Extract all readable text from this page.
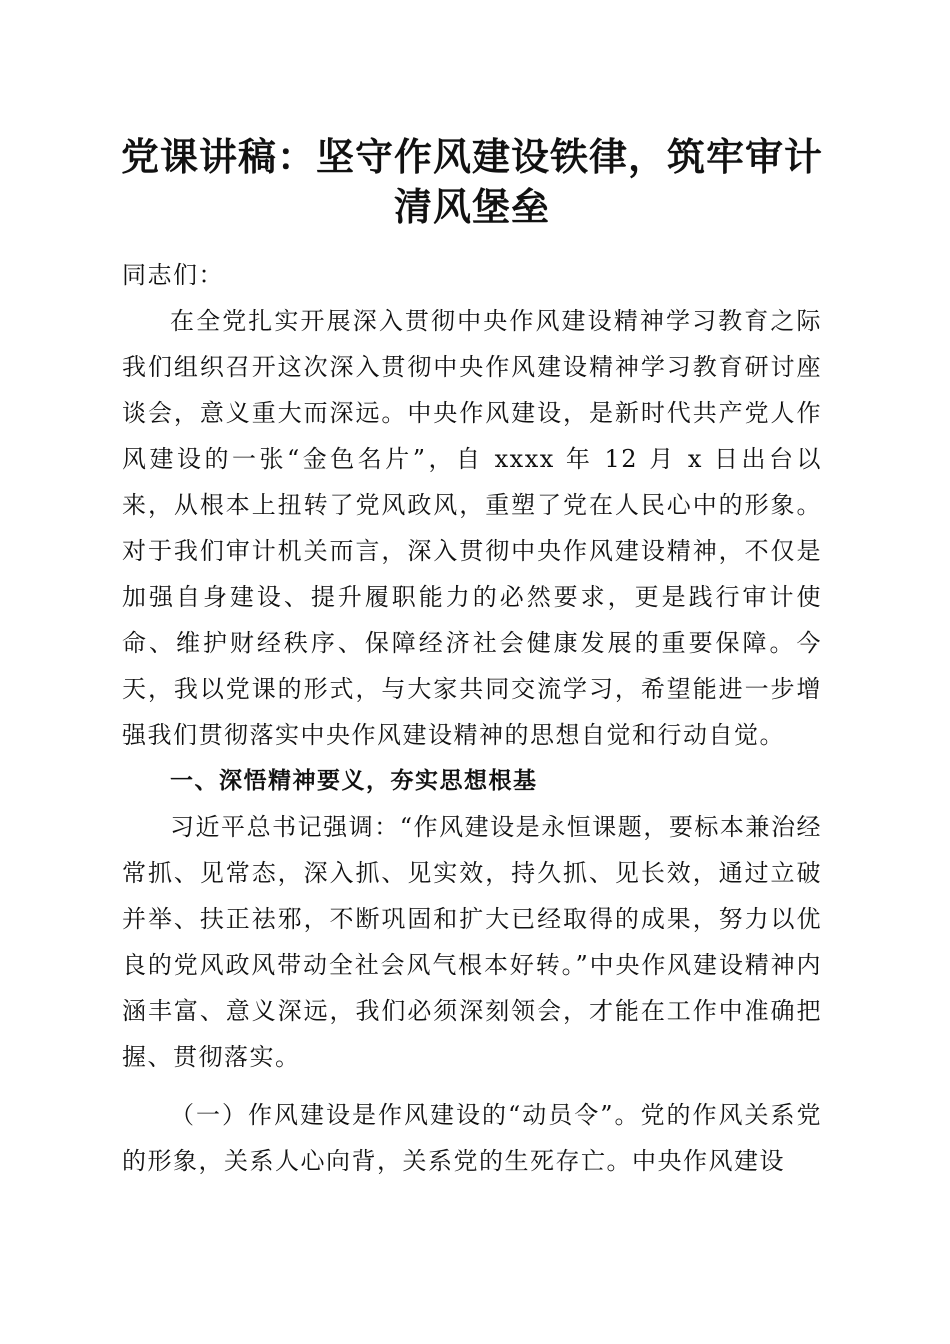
党课讲稿：坚守作风建设铁律，筑牢审计清风堡垒

同志们：

在全党扎实开展深入贯彻中央作风建设精神学习教育之际我们组织召开这次深入贯彻中央作风建设精神学习教育研讨座谈会，意义重大而深远。中央作风建设，是新时代共产党人作风建设的一张“金色名片”，自 xxxx 年 12 月 x 日出台以来，从根本上扭转了党风政风，重塑了党在人民心中的形象。对于我们审计机关而言，深入贯彻中央作风建设精神，不仅是加强自身建设、提升履职能力的必然要求，更是践行审计使命、维护财经秩序、保障经济社会健康发展的重要保障。今天，我以党课的形式，与大家共同交流学习，希望能进一步增强我们贯彻落实中央作风建设精神的思想自觉和行动自觉。

一、深悟精神要义，夯实思想根基

习近平总书记强调：“作风建设是永恒课题，要标本兼治经常抓、见常态，深入抓、见实效，持久抓、见长效，通过立破并举、扶正祛邪，不断巩固和扩大已经取得的成果，努力以优良的党风政风带动全社会风气根本好转。”中央作风建设精神内涵丰富、意义深远，我们必须深刻领会，才能在工作中准确把握、贯彻落实。

（一）作风建设是作风建设的“动员令”。党的作风关系党的形象，关系人心向背，关系党的生死存亡。中央作风建设
